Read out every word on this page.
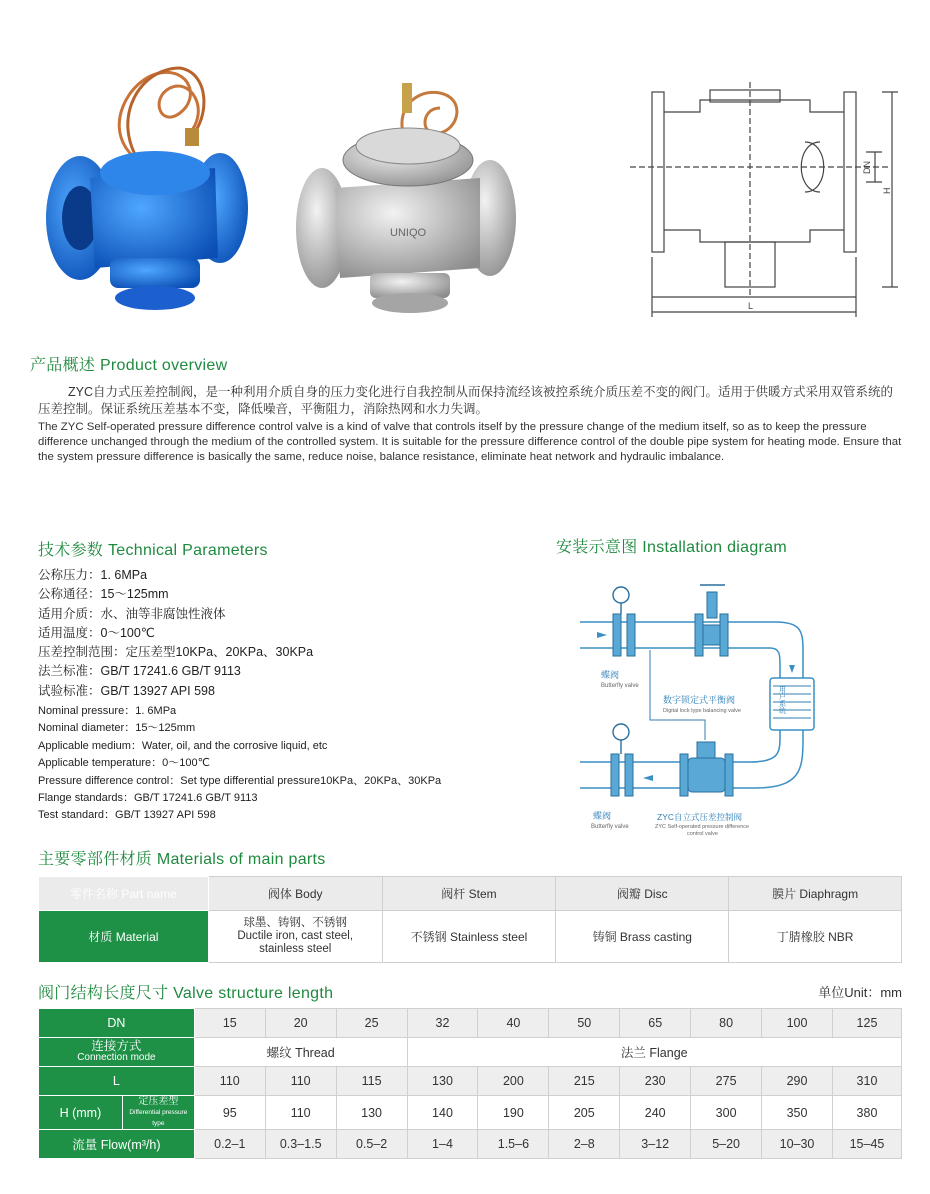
UNIQO
DN
H
L
产品概述 Product overview
ZYC自力式压差控制阀，是一种利用介质自身的压力变化进行自我控制从而保持流经该被控系统介质压差不变的阀门。适用于供暖方式采用双管系统的压差控制。保证系统压差基本不变，降低噪音，平衡阻力，消除热网和水力失调。
The ZYC Self-operated pressure difference control valve is a kind of valve that controls itself by the pressure change of the medium itself, so as to keep the pressure difference unchanged through the medium of the controlled system. It is suitable for the pressure difference control of the double pipe system for heating mode. Ensure that the system pressure difference is basically the same, reduce noise, balance resistance, eliminate heat network and hydraulic imbalance.
技术参数 Technical Parameters
公称压力：1. 6MPa
公称通径：15～125mm
适用介质：水、油等非腐蚀性液体
适用温度：0～100℃
压差控制范围：定压差型10KPa、20KPa、30KPa
法兰标准：GB/T 17241.6 GB/T 9113
试验标准：GB/T 13927 API 598
Nominal pressure：1. 6MPa
Nominal diameter：15～125mm
Applicable medium：Water, oil, and the corrosive liquid, etc
Applicable temperature：0～100℃
Pressure difference control：Set type differential pressure10KPa、20KPa、30KPa
Flange standards：GB/T 17241.6 GB/T 9113
Test standard：GB/T 13927 API 598
安装示意图 Installation diagram
蝶阀
Butterfly valve
数字锁定式平衡阀
Digital lock type balancing valve
蝶阀
Butterfly valve
ZYC自立式压差控制阀
ZYC Self-operated pressure difference
control valve
用户系统
主要零部件材质 Materials of main parts
零件名称 Part name	阀体 Body	阀杆 Stem	阀瓣 Disc	膜片 Diaphragm
材质 Material	球墨、铸钢、不锈钢
Ductile iron, cast steel,
stainless steel	不锈钢 Stainless steel	铸铜 Brass casting	丁腈橡胶 NBR
阀门结构长度尺寸 Valve structure length	单位Unit：mm
DN		15	20	25	32	40	50	65	80	100	125

连接方式
Connection mode		螺纹 Thread			法兰 Flange						
L		110	110	115	130	200	215	230	275	290	310
H (mm)	定压差型
Differential pressure type	95	110	130	140	190	205	240	300	350	380
流量 Flow(m³/h)		0.2–1	0.3–1.5	0.5–2	1–4	1.5–6	2–8	3–12	5–20	10–30	15–45
